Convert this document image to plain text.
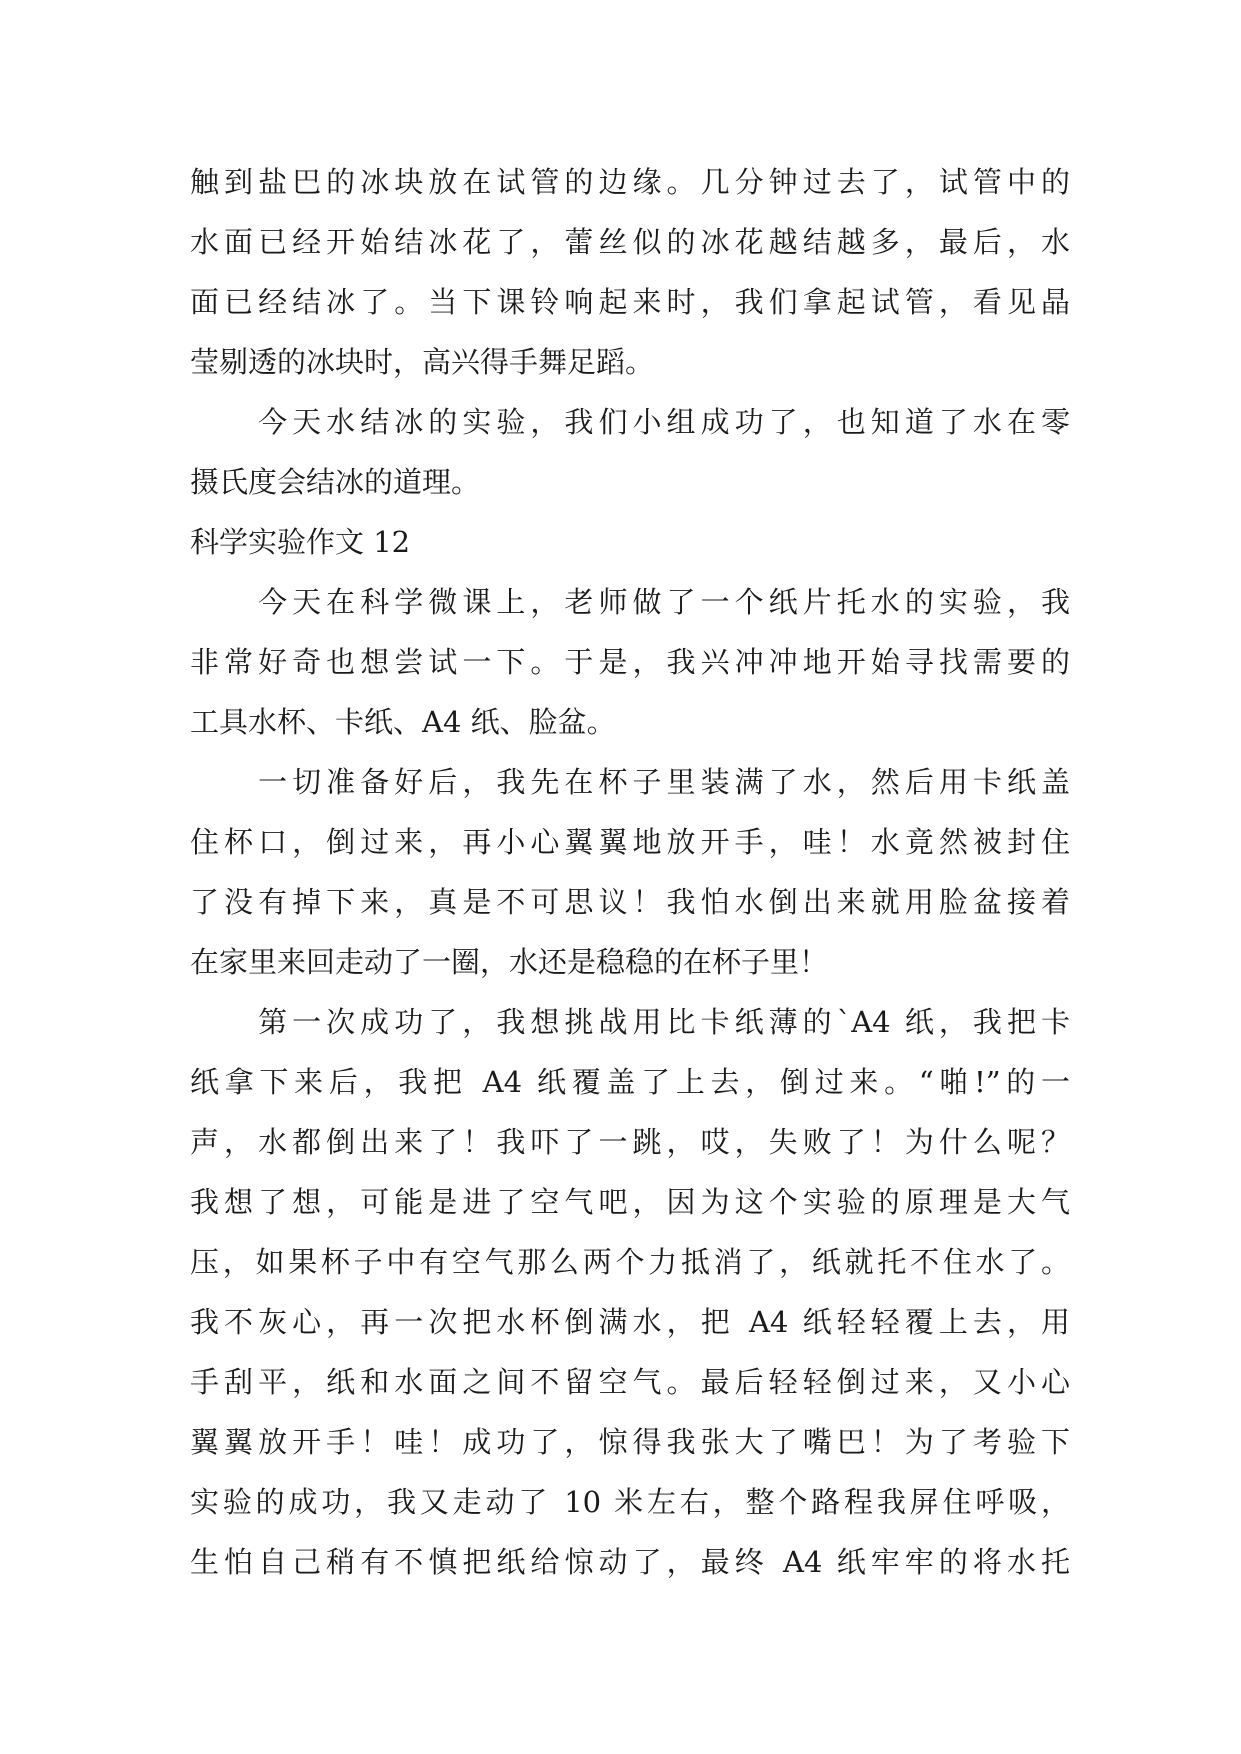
触到盐巴的冰块放在试管的边缘。几分钟过去了，试管中的
水面已经开始结冰花了，蕾丝似的冰花越结越多，最后，水
面已经结冰了。当下课铃响起来时，我们拿起试管，看见晶
莹剔透的冰块时，高兴得手舞足蹈。
　　今天水结冰的实验，我们小组成功了，也知道了水在零
摄氏度会结冰的道理。
科学实验作文 12
　　今天在科学微课上，老师做了一个纸片托水的实验，我
非常好奇也想尝试一下。于是，我兴冲冲地开始寻找需要的
工具水杯、卡纸、A4 纸、脸盆。
　　一切准备好后，我先在杯子里装满了水，然后用卡纸盖
住杯口，倒过来，再小心翼翼地放开手，哇！水竟然被封住
了没有掉下来，真是不可思议！我怕水倒出来就用脸盆接着
在家里来回走动了一圈，水还是稳稳的在杯子里！
　　第一次成功了，我想挑战用比卡纸薄的`A4 纸，我把卡
纸拿下来后，我把 A4 纸覆盖了上去，倒过来。“啪!”的一
声，水都倒出来了！我吓了一跳，哎，失败了！为什么呢？
我想了想，可能是进了空气吧，因为这个实验的原理是大气
压，如果杯子中有空气那么两个力抵消了，纸就托不住水了。
我不灰心，再一次把水杯倒满水，把 A4 纸轻轻覆上去，用
手刮平，纸和水面之间不留空气。最后轻轻倒过来，又小心
翼翼放开手！哇！成功了，惊得我张大了嘴巴！为了考验下
实验的成功，我又走动了 10 米左右，整个路程我屏住呼吸，
生怕自己稍有不慎把纸给惊动了，最终 A4 纸牢牢的将水托
